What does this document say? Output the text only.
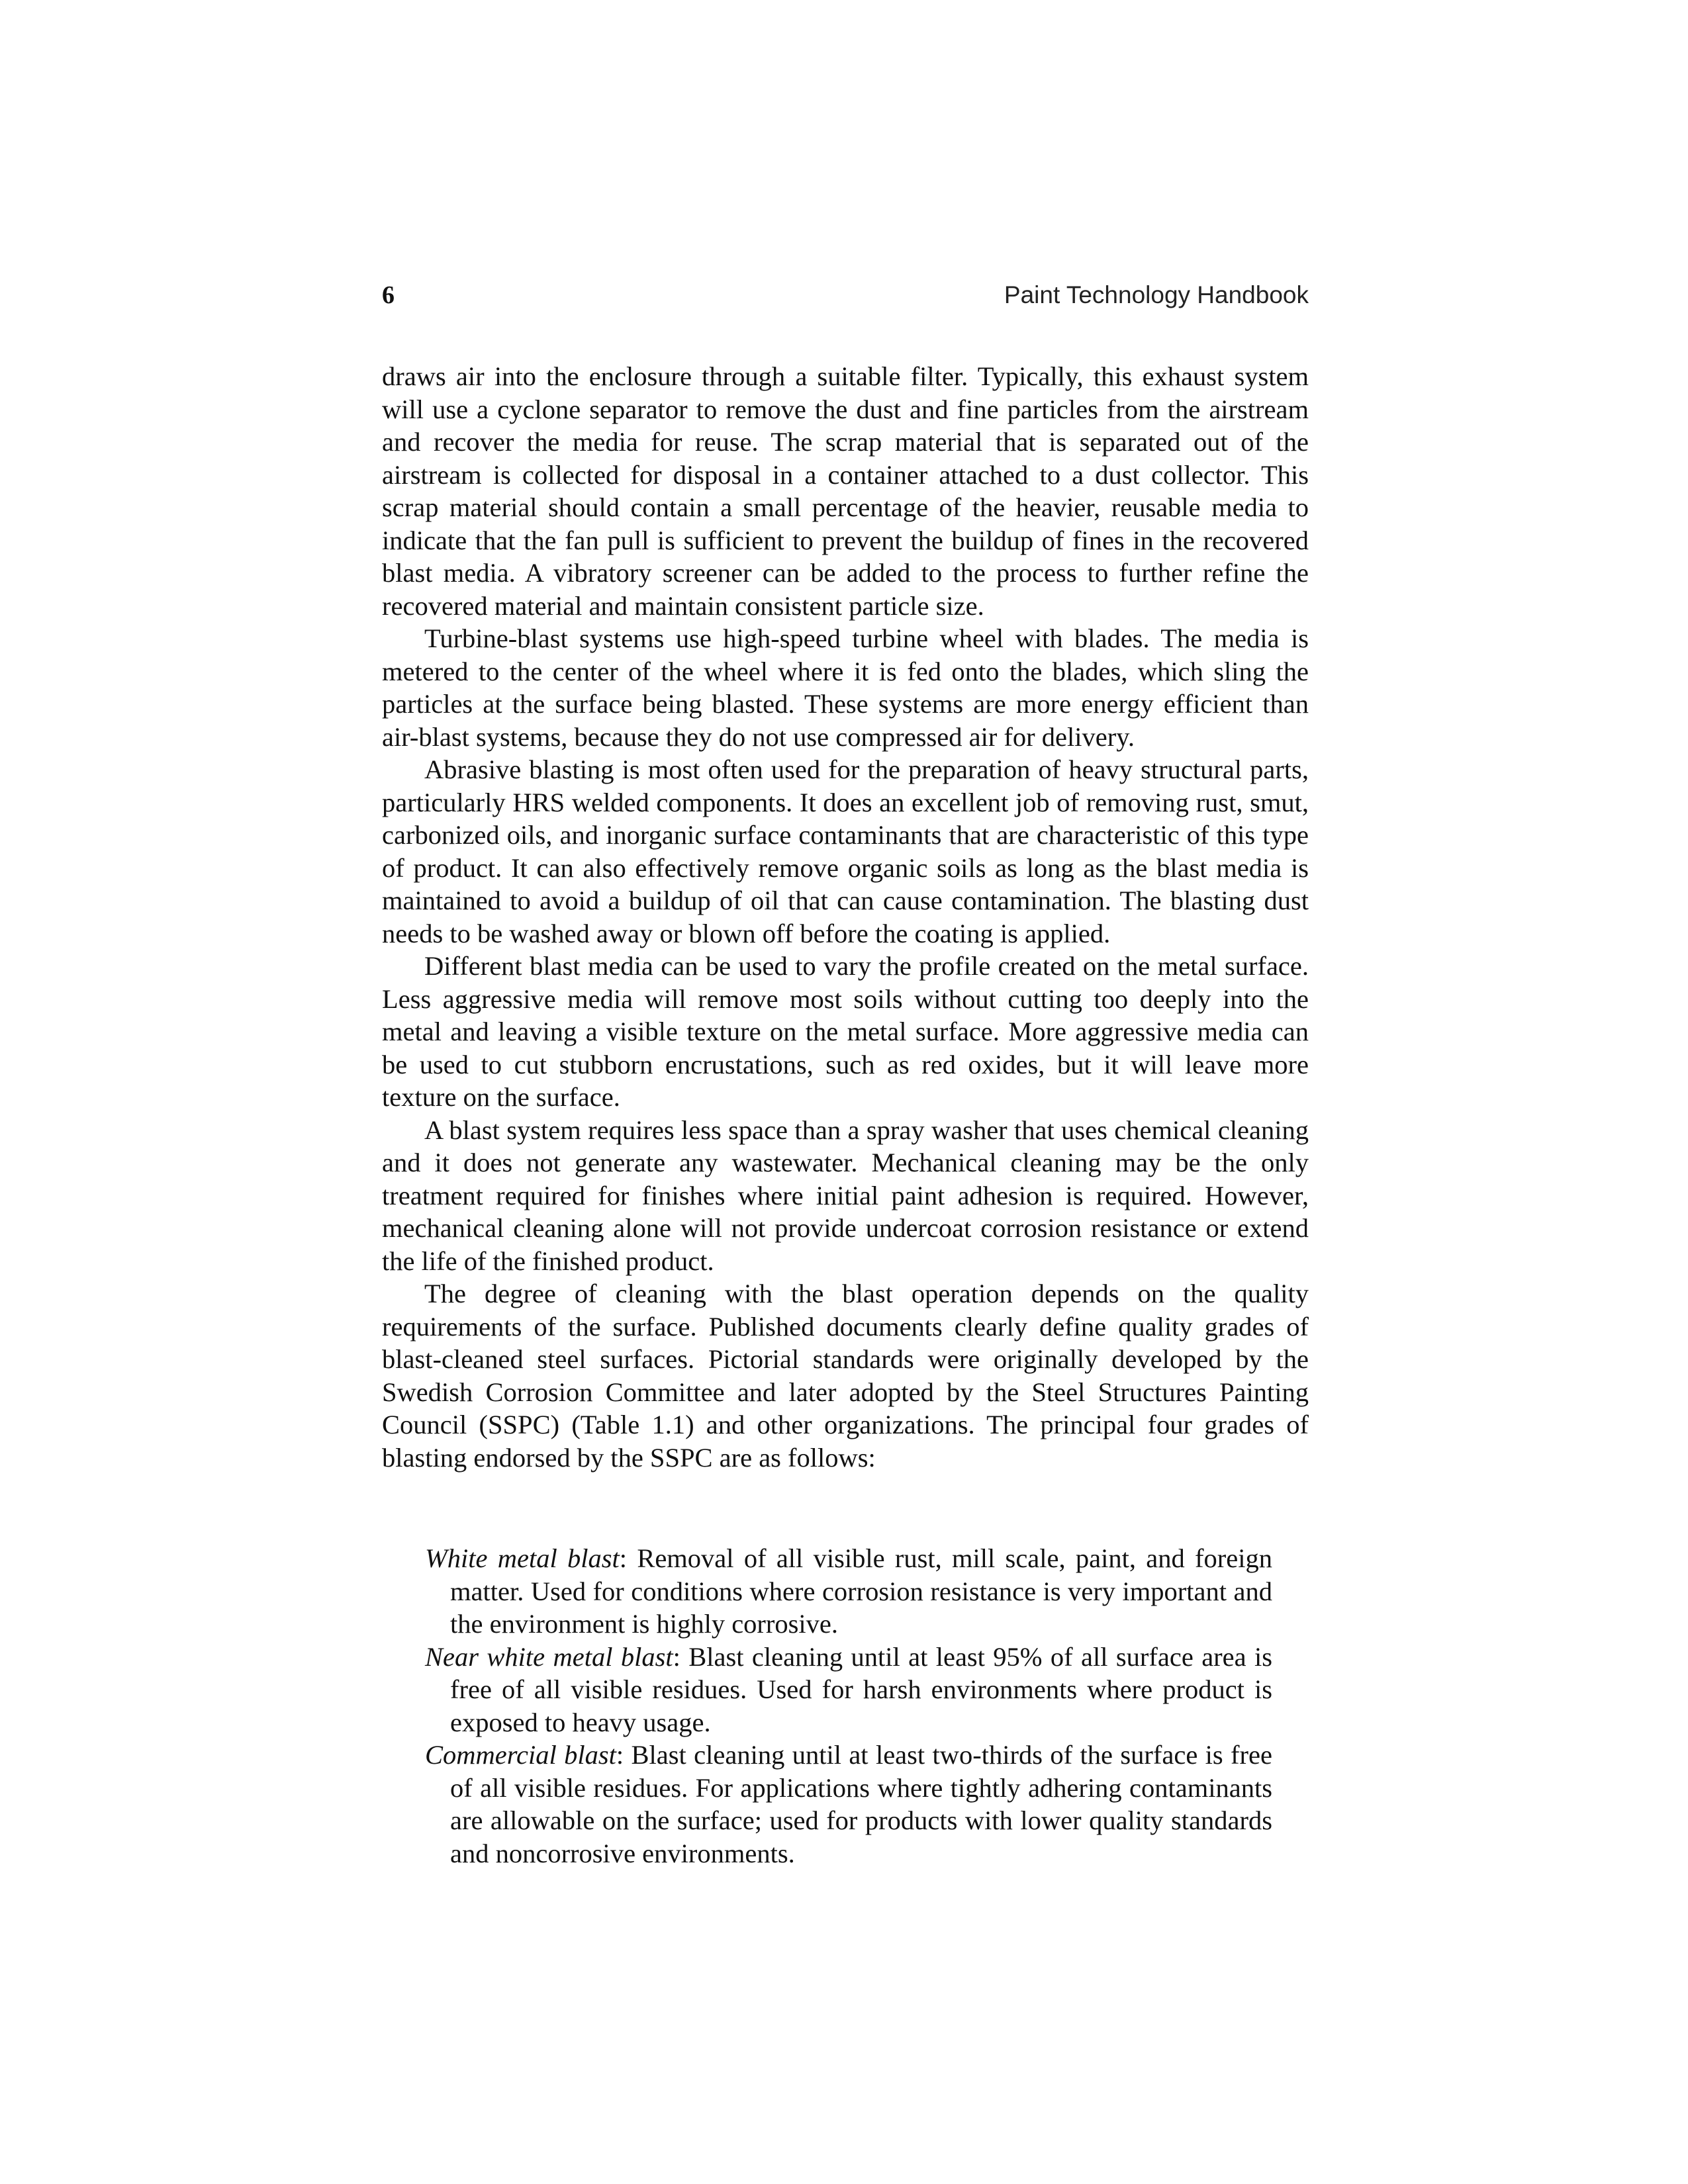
6	Paint Technology Handbook

draws air into the enclosure through a suitable filter. Typically, this exhaust system will use a cyclone separator to remove the dust and fine particles from the airstream and recover the media for reuse. The scrap material that is separated out of the airstream is collected for disposal in a container attached to a dust collector. This scrap material should contain a small percentage of the heavier, reusable media to indicate that the fan pull is sufficient to prevent the buildup of fines in the recovered blast media. A vibratory screener can be added to the process to further refine the recovered material and maintain consistent particle size.

Turbine-blast systems use high-speed turbine wheel with blades. The media is metered to the center of the wheel where it is fed onto the blades, which sling the particles at the surface being blasted. These systems are more energy efficient than air-blast systems, because they do not use compressed air for delivery.

Abrasive blasting is most often used for the preparation of heavy structural parts, particularly HRS welded components. It does an excellent job of removing rust, smut, carbonized oils, and inorganic surface contaminants that are characteristic of this type of product. It can also effectively remove organic soils as long as the blast media is maintained to avoid a buildup of oil that can cause contamination. The blasting dust needs to be washed away or blown off before the coating is applied.

Different blast media can be used to vary the profile created on the metal surface. Less aggressive media will remove most soils without cutting too deeply into the metal and leaving a visible texture on the metal surface. More aggressive media can be used to cut stubborn encrustations, such as red oxides, but it will leave more texture on the surface.

A blast system requires less space than a spray washer that uses chemical cleaning and it does not generate any wastewater. Mechanical cleaning may be the only treatment required for finishes where initial paint adhesion is required. However, mechanical cleaning alone will not provide undercoat corrosion resistance or extend the life of the finished product.

The degree of cleaning with the blast operation depends on the quality requirements of the surface. Published documents clearly define quality grades of blast-cleaned steel surfaces. Pictorial standards were originally developed by the Swedish Corrosion Committee and later adopted by the Steel Structures Painting Council (SSPC) (Table 1.1) and other organizations. The principal four grades of blasting endorsed by the SSPC are as follows:

White metal blast: Removal of all visible rust, mill scale, paint, and foreign matter. Used for conditions where corrosion resistance is very important and the environment is highly corrosive.
Near white metal blast: Blast cleaning until at least 95% of all surface area is free of all visible residues. Used for harsh environments where product is exposed to heavy usage.
Commercial blast: Blast cleaning until at least two-thirds of the surface is free of all visible residues. For applications where tightly adhering contaminants are allowable on the surface; used for products with lower quality standards and noncorrosive environments.
